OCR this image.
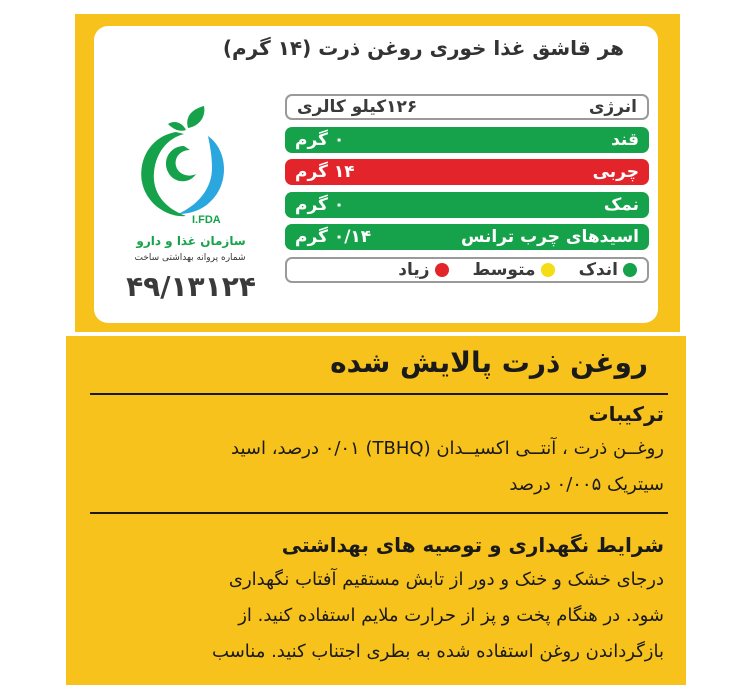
هر قاشق غذا خوری روغن ذرت (۱۴ گرم)
انرژی
۱۲۶کیلو کالری
قند
۰ گرم
چربی
۱۴ گرم
نمک
۰ گرم
اسیدهای چرب ترانس
۰/۱۴ گرم
اندک
متوسط
زیاد
I.FDA
سازمان غذا و دارو
شماره پروانه بهداشتی ساخت
۴۹/۱۳۱۲۴
روغن ذرت پالایش شده
ترکیبات
روغــن ذرت ، آنتــی اکسیــدان (TBHQ) ۰/۰۱ درصد، اسید
سیتریک ۰/۰۰۵ درصد
شرایط نگهداری و توصیه های بهداشتی
درجای خشک و خنک و دور از تابش مستقیم آفتاب نگهداری
شود. در هنگام پخت و پز از حرارت ملایم استفاده کنید. از
بازگرداندن روغن استفاده شده به بطری اجتناب کنید. مناسب
